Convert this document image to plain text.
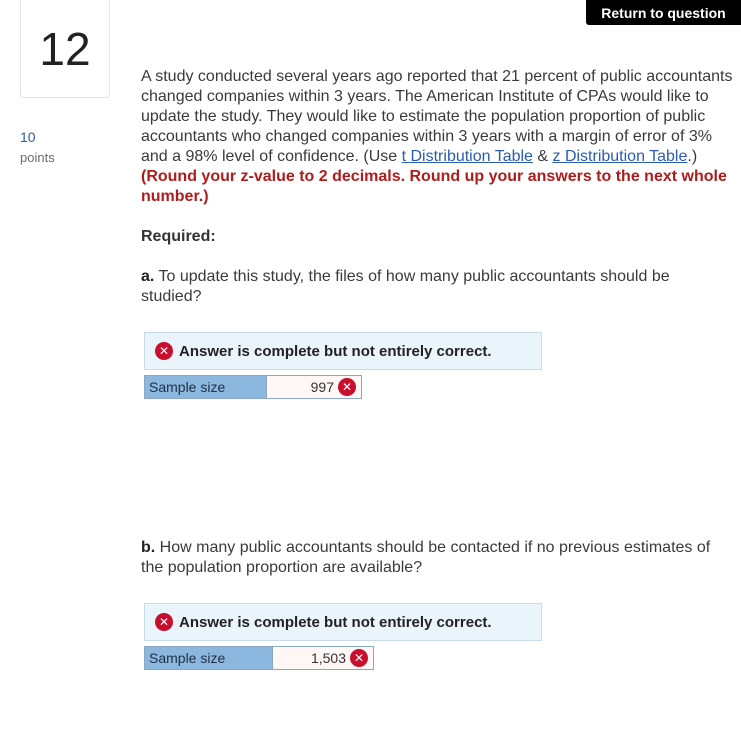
12
10
points
Return to question
A study conducted several years ago reported that 21 percent of public accountants changed companies within 3 years. The American Institute of CPAs would like to update the study. They would like to estimate the population proportion of public accountants who changed companies within 3 years with a margin of error of 3% and a 98% level of confidence. (Use t Distribution Table & z Distribution Table.) (Round your z-value to 2 decimals. Round up your answers to the next whole number.)
Required:
a. To update this study, the files of how many public accountants should be studied?
✕ Answer is complete but not entirely correct.
Sample size	997 ✕
b. How many public accountants should be contacted if no previous estimates of the population proportion are available?
✕ Answer is complete but not entirely correct.
Sample size	1,503 ✕
